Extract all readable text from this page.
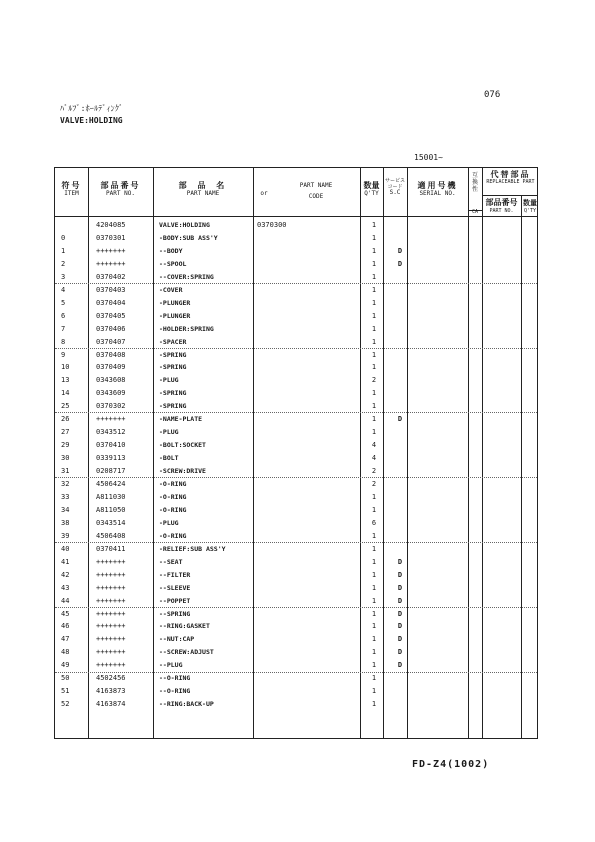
076
ﾊﾞﾙﾌﾞ:ﾎｰﾙﾃﾞｨﾝｸﾞ
VALVE:HOLDING
15001~
符号
ITEM
部品番号
PART NO.
部 品 名
PART NAME	or
PART NAME
CODE
数量
Q'TY
サービスコード
S.C
適用号機
SERIAL NO.
互換性
CA
代替部品
REPLACEABLE PART
部品番号
PART NO.
数量
Q'TY
4204085	VALVE:HOLDING	0370300	1
0	0370301	-BODY:SUB ASS'Y	1
1	+++++++	--BODY	1	D
2	+++++++	--SPOOL	1	D
3	0370402	--COVER:SPRING	1
4	0370403	-COVER	1
5	0370404	-PLUNGER	1
6	0370405	-PLUNGER	1
7	0370406	-HOLDER:SPRING	1
8	0370407	-SPACER	1
9	0370408	-SPRING	1
10	0370409	-SPRING	1
13	0343608	-PLUG	2
14	0343609	-SPRING	1
25	0370302	-SPRING	1
26	+++++++	-NAME-PLATE	1	D
27	0343512	-PLUG	1
29	0370410	-BOLT:SOCKET	4
30	0339113	-BOLT	4
31	0208717	-SCREW:DRIVE	2
32	4506424	-O-RING	2
33	A811030	-O-RING	1
34	A811050	-O-RING	1
38	0343514	-PLUG	6
39	4506408	-O-RING	1
40	0370411	-RELIEF:SUB ASS'Y	1
41	+++++++	--SEAT	1	D
42	+++++++	--FILTER	1	D
43	+++++++	--SLEEVE	1	D
44	+++++++	--POPPET	1	D
45	+++++++	--SPRING	1	D
46	+++++++	--RING:GASKET	1	D
47	+++++++	--NUT:CAP	1	D
48	+++++++	--SCREW:ADJUST	1	D
49	+++++++	--PLUG	1	D
50	4502456	--O-RING	1
51	4163873	--O-RING	1
52	4163874	--RING:BACK-UP	1
FD-Z4(1002)
